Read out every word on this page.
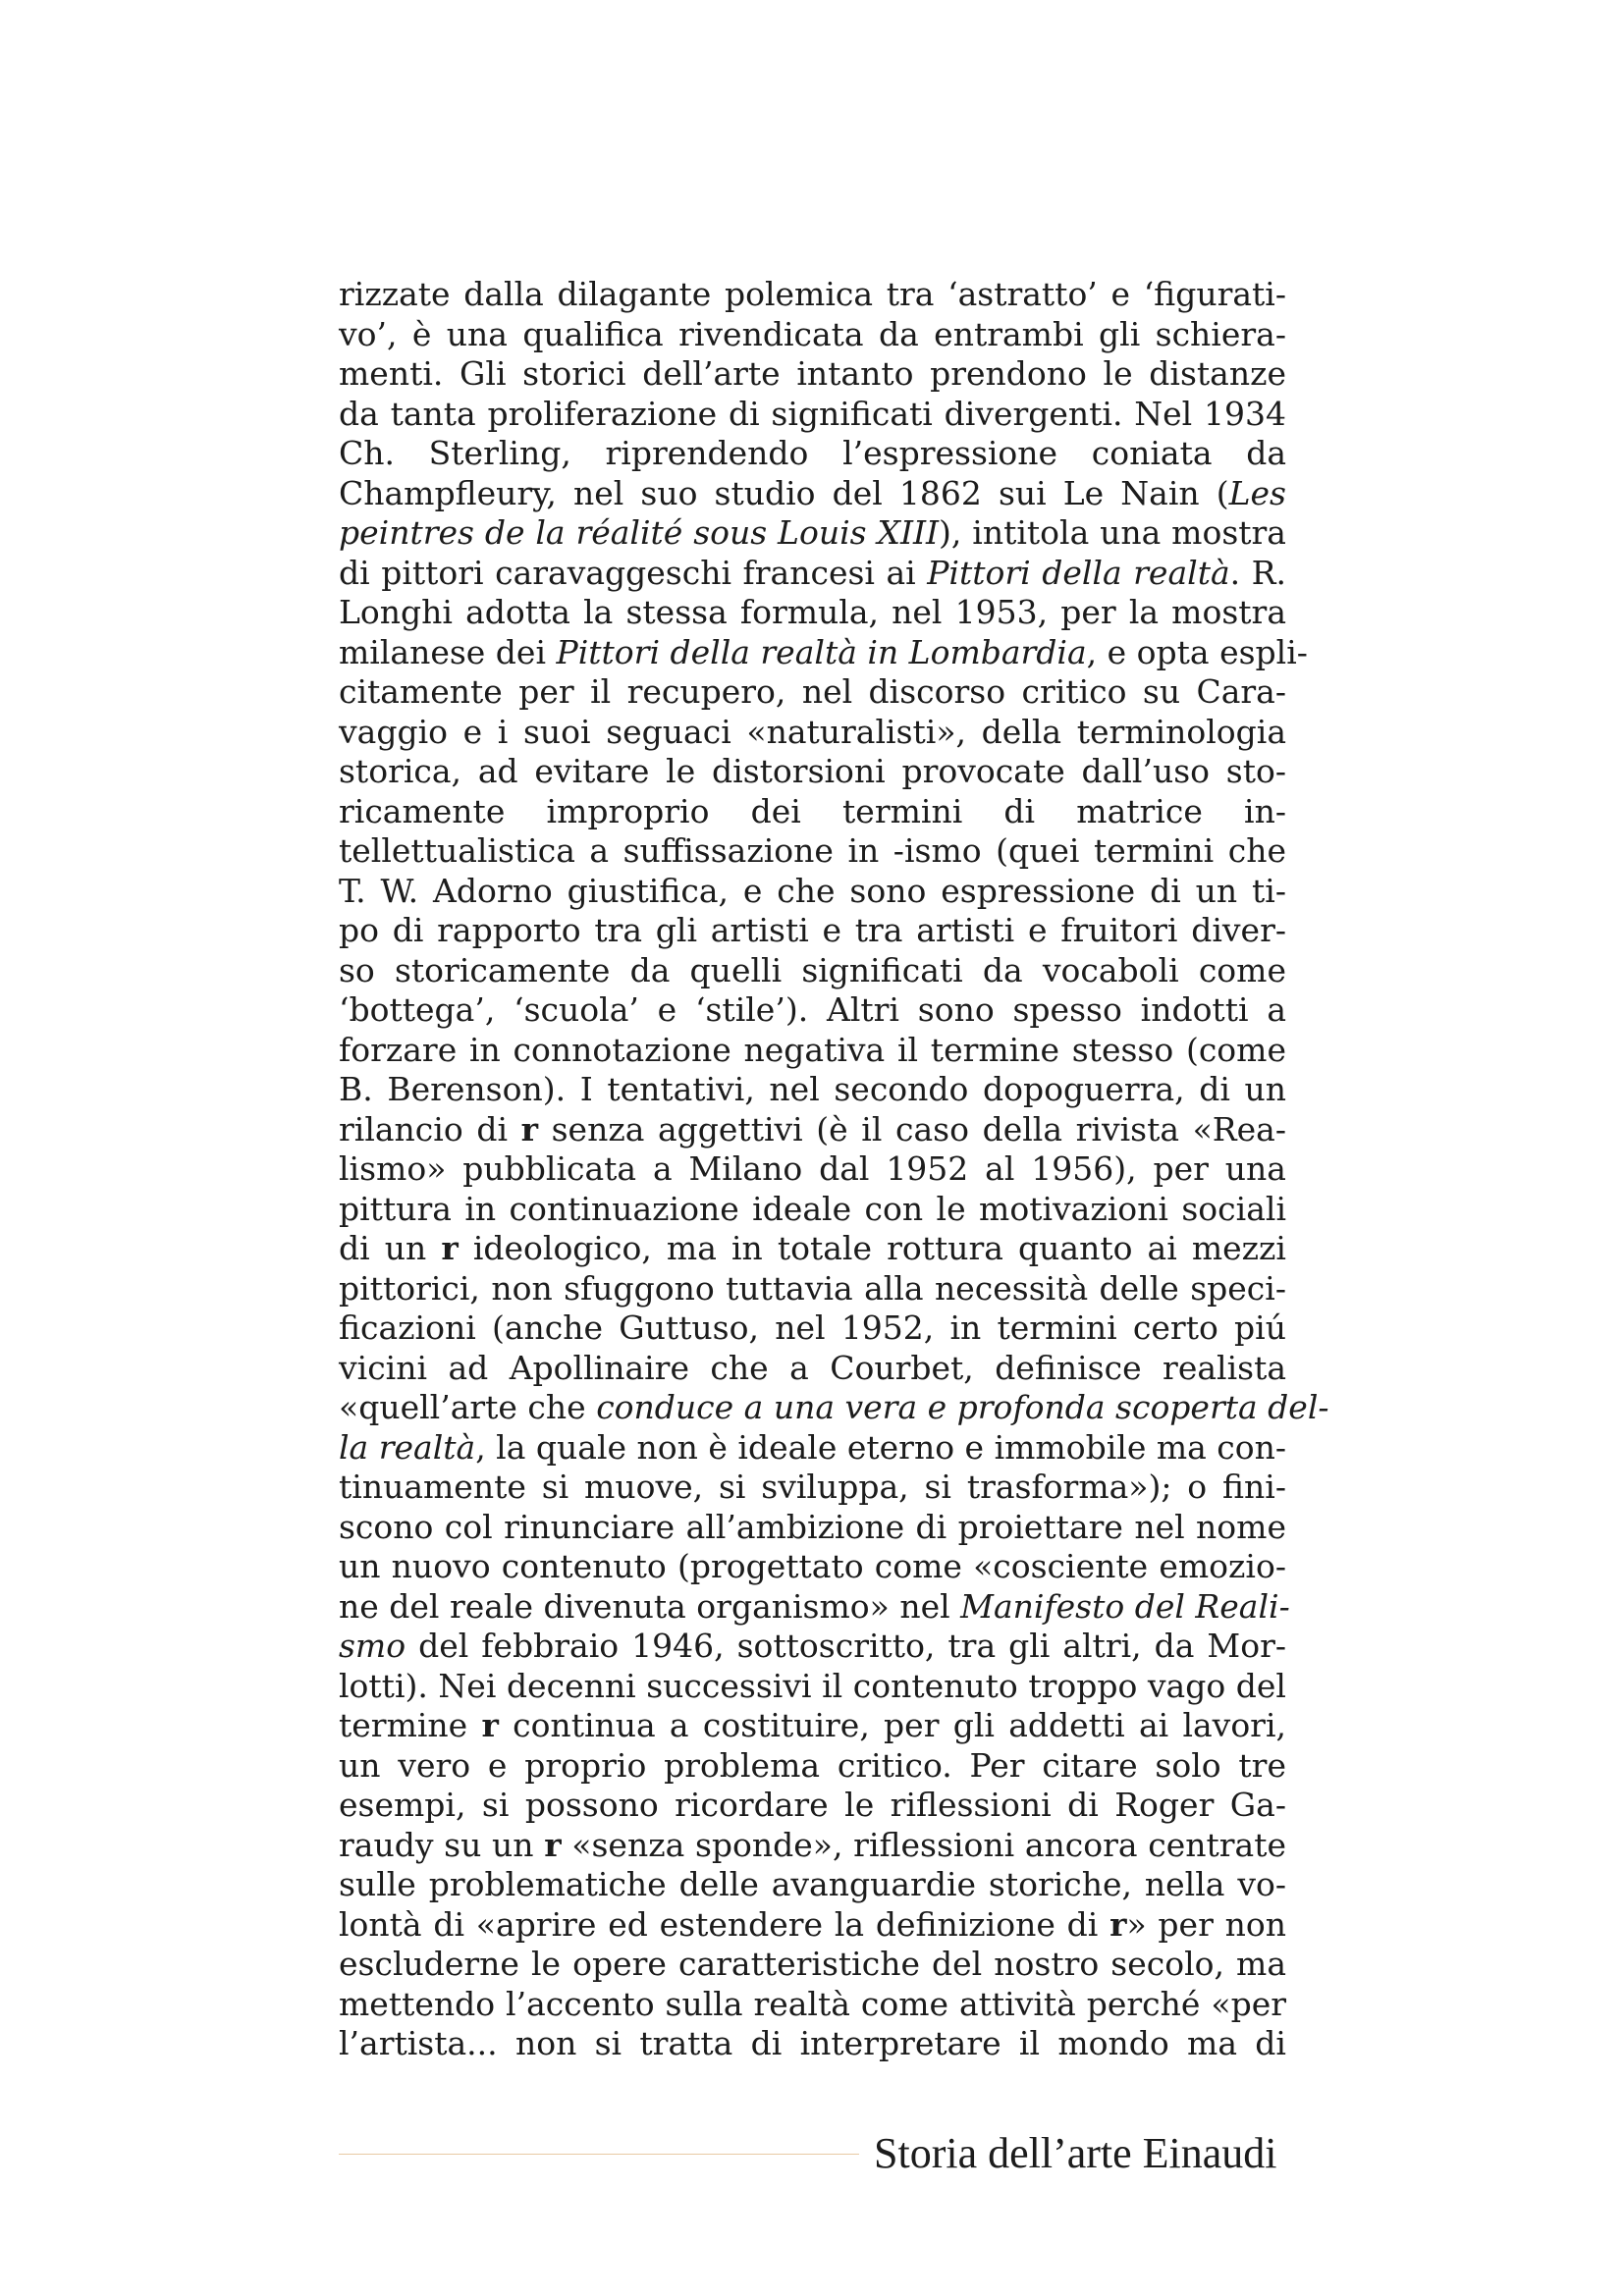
rizzate dalla dilagante polemica tra ‘astratto’ e ‘figurati-
vo’, è una qualifica rivendicata da entrambi gli schiera-
menti. Gli storici dell’arte intanto prendono le distanze
da tanta proliferazione di significati divergenti. Nel 1934
Ch. Sterling, riprendendo l’espressione coniata da
Champfleury, nel suo studio del 1862 sui Le Nain (Les
peintres de la réalité sous Louis XIII), intitola una mostra
di pittori caravaggeschi francesi ai Pittori della realtà. R.
Longhi adotta la stessa formula, nel 1953, per la mostra
milanese dei Pittori della realtà in Lombardia, e opta espli-
citamente per il recupero, nel discorso critico su Cara-
vaggio e i suoi seguaci «naturalisti», della terminologia
storica, ad evitare le distorsioni provocate dall’uso sto-
ricamente improprio dei termini di matrice in-
tellettualistica a suffissazione in -ismo (quei termini che
T. W. Adorno giustifica, e che sono espressione di un ti-
po di rapporto tra gli artisti e tra artisti e fruitori diver-
so storicamente da quelli significati da vocaboli come
‘bottega’, ‘scuola’ e ‘stile’). Altri sono spesso indotti a
forzare in connotazione negativa il termine stesso (come
B. Berenson). I tentativi, nel secondo dopoguerra, di un
rilancio di r senza aggettivi (è il caso della rivista «Rea-
lismo» pubblicata a Milano dal 1952 al 1956), per una
pittura in continuazione ideale con le motivazioni sociali
di un r ideologico, ma in totale rottura quanto ai mezzi
pittorici, non sfuggono tuttavia alla necessità delle speci-
ficazioni (anche Guttuso, nel 1952, in termini certo piú
vicini ad Apollinaire che a Courbet, definisce realista
«quell’arte che conduce a una vera e profonda scoperta del-
la realtà, la quale non è ideale eterno e immobile ma con-
tinuamente si muove, si sviluppa, si trasforma»); o fini-
scono col rinunciare all’ambizione di proiettare nel nome
un nuovo contenuto (progettato come «cosciente emozio-
ne del reale divenuta organismo» nel Manifesto del Reali-
smo del febbraio 1946, sottoscritto, tra gli altri, da Mor-
lotti). Nei decenni successivi il contenuto troppo vago del
termine r continua a costituire, per gli addetti ai lavori,
un vero e proprio problema critico. Per citare solo tre
esempi, si possono ricordare le riflessioni di Roger Ga-
raudy su un r «senza sponde», riflessioni ancora centrate
sulle problematiche delle avanguardie storiche, nella vo-
lontà di «aprire ed estendere la definizione di r» per non
escluderne le opere caratteristiche del nostro secolo, ma
mettendo l’accento sulla realtà come attività perché «per
l’artista... non si tratta di interpretare il mondo ma di
Storia dell’arte Einaudi
